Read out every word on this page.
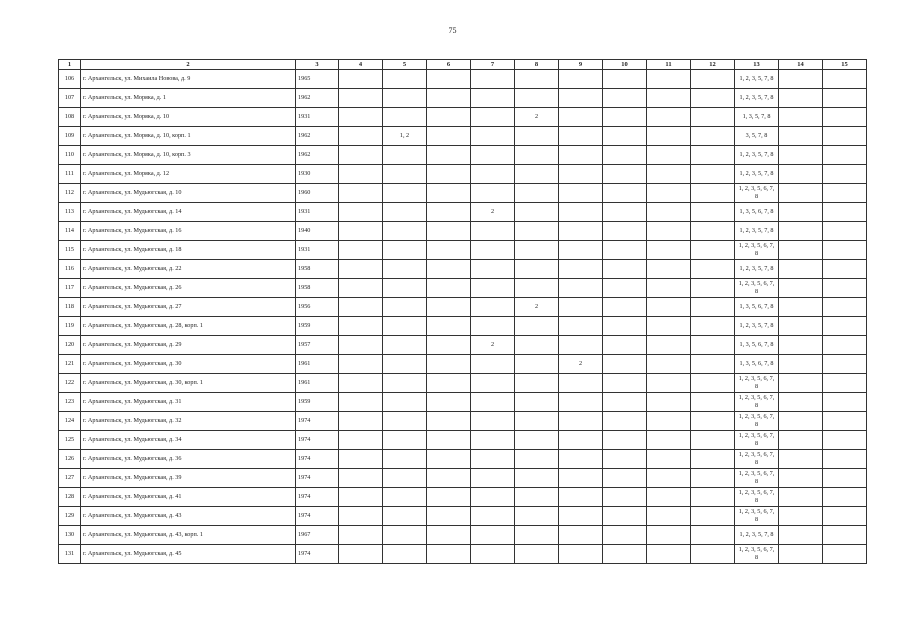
75
1	2	3	4	5	6	7	8	9	10	11	12	13	14	15
106	г. Архангельск, ул. Михаила Новова, д. 9	1965										1, 2, 3, 5, 7, 8		
107	г. Архангельск, ул. Моряка, д. 1	1962										1, 2, 3, 5, 7, 8		
108	г. Архангельск, ул. Моряка, д. 10	1931					2					1, 3, 5, 7, 8		
109	г. Архангельск, ул. Моряка, д. 10, корп. 1	1962		1, 2								3, 5, 7, 8		
110	г. Архангельск, ул. Моряка, д. 10, корп. 3	1962										1, 2, 3, 5, 7, 8		
111	г. Архангельск, ул. Моряка, д. 12	1930										1, 2, 3, 5, 7, 8		
112	г. Архангельск, ул. Мудьюгская, д. 10	1960										1, 2, 3, 5, 6, 7, 8		
113	г. Архангельск, ул. Мудьюгская, д. 14	1931				2						1, 3, 5, 6, 7, 8		
114	г. Архангельск, ул. Мудьюгская, д. 16	1940										1, 2, 3, 5, 7, 8		
115	г. Архангельск, ул. Мудьюгская, д. 18	1931										1, 2, 3, 5, 6, 7, 8		
116	г. Архангельск, ул. Мудьюгская, д. 22	1958										1, 2, 3, 5, 7, 8		
117	г. Архангельск, ул. Мудьюгская, д. 26	1958										1, 2, 3, 5, 6, 7, 8		
118	г. Архангельск, ул. Мудьюгская, д. 27	1956					2					1, 3, 5, 6, 7, 8		
119	г. Архангельск, ул. Мудьюгская, д. 28, корп. 1	1959										1, 2, 3, 5, 7, 8		
120	г. Архангельск, ул. Мудьюгская, д. 29	1957				2						1, 3, 5, 6, 7, 8		
121	г. Архангельск, ул. Мудьюгская, д. 30	1961						2				1, 3, 5, 6, 7, 8		
122	г. Архангельск, ул. Мудьюгская, д. 30, корп. 1	1961										1, 2, 3, 5, 6, 7, 8		
123	г. Архангельск, ул. Мудьюгская, д. 31	1959										1, 2, 3, 5, 6, 7, 8		
124	г. Архангельск, ул. Мудьюгская, д. 32	1974										1, 2, 3, 5, 6, 7, 8		
125	г. Архангельск, ул. Мудьюгская, д. 34	1974										1, 2, 3, 5, 6, 7, 8		
126	г. Архангельск, ул. Мудьюгская, д. 36	1974										1, 2, 3, 5, 6, 7, 8		
127	г. Архангельск, ул. Мудьюгская, д. 39	1974										1, 2, 3, 5, 6, 7, 8		
128	г. Архангельск, ул. Мудьюгская, д. 41	1974										1, 2, 3, 5, 6, 7, 8		
129	г. Архангельск, ул. Мудьюгская, д. 43	1974										1, 2, 3, 5, 6, 7, 8		
130	г. Архангельск, ул. Мудьюгская, д. 43, корп. 1	1967										1, 2, 3, 5, 7, 8		
131	г. Архангельск, ул. Мудьюгская, д. 45	1974										1, 2, 3, 5, 6, 7, 8		
